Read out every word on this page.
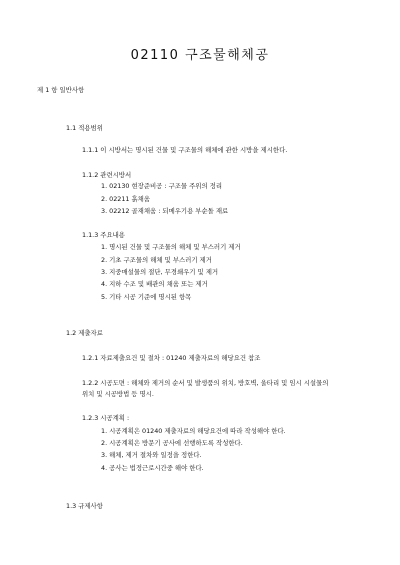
02110 구조물해체공
제 1 항 일반사항
1.1 적용범위
1.1.1 이 시방서는 명시된 건물 및 구조물의 해체에 관한 시방을 제시한다.
1.1.2 관련시방서
1. 02130 현장준비공 : 구조물 주위의 정리
2. 02211 흙채움
3. 02212 골재채움 : 되메우기용 부순돌 재료
1.1.3 주요내용
1. 명시된 건물 및 구조물의 해체 및 부스러기 제거
2. 기초 구조물의 해체 및 부스러기 제거
3. 지중매설물의 절단, 무경쇄우기 및 제거
4. 지하 수조 및 배관의 채움 또는 제거
5. 기타 시공 기준에 명시된 항목
1.2 제출자료
1.2.1 자료제출요건 및 절차 : 01240 제출자료의 해당요건 참조
1.2.2 시공도면 : 해체와 제거의 순서 및 발생품의 위치, 방호벽, 울타리 및 임시 시설물의 위치 및 시공방법 등 명시.
1.2.3 시공계획 :
1. 시공계획은 01240 제출자료의 해당요건에 따라 작성해야 한다.
2. 시공계획은 방문기 공사에 선행하도록 작성한다.
3. 해체, 제거 절차와 일정을 정한다.
4. 공사는 법정근로시간중 해야 한다.
1.3 규제사항
